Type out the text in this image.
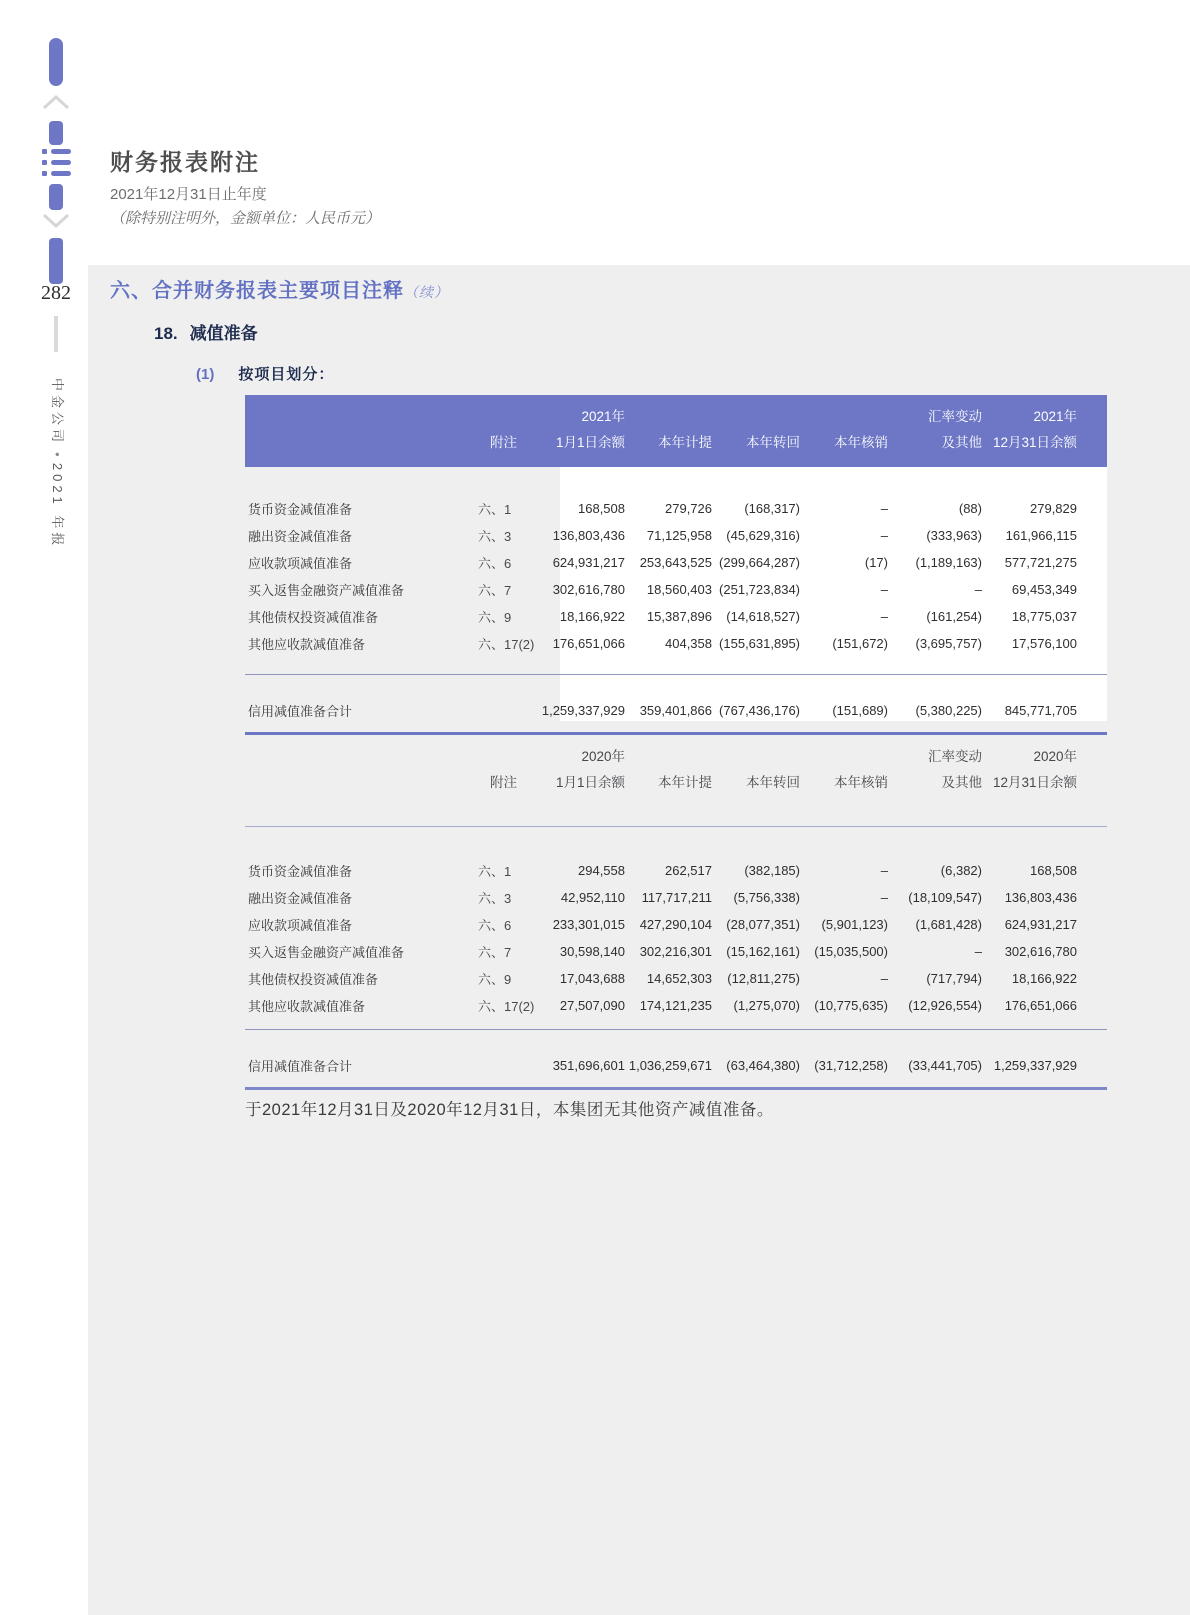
282
中金公司●2021 年报
财务报表附注
2021年12月31日止年度
（除特别注明外，金额单位：人民币元）
六、合并财务报表主要项目注释（续）
18. 减值准备
(1) 按项目划分：
		2021年				汇率变动	2021年
	附注	1月1日余额	本年计提	本年转回	本年核销	及其他	12月31日余额
货币资金减值准备	六、1	168,508	279,726	(168,317)	–	(88)	279,829
融出资金减值准备	六、3	136,803,436	71,125,958	(45,629,316)	–	(333,963)	161,966,115
应收款项减值准备	六、6	624,931,217	253,643,525	(299,664,287)	(17)	(1,189,163)	577,721,275
买入返售金融资产减值准备	六、7	302,616,780	18,560,403	(251,723,834)	–	–	69,453,349
其他债权投资减值准备	六、9	18,166,922	15,387,896	(14,618,527)	–	(161,254)	18,775,037
其他应收款减值准备	六、17(2)	176,651,066	404,358	(155,631,895)	(151,672)	(3,695,757)	17,576,100

信用减值准备合计		1,259,337,929	359,401,866	(767,436,176)	(151,689)	(5,380,225)	845,771,705
		2020年				汇率变动	2020年
	附注	1月1日余额	本年计提	本年转回	本年核销	及其他	12月31日余额
货币资金减值准备	六、1	294,558	262,517	(382,185)	–	(6,382)	168,508
融出资金减值准备	六、3	42,952,110	117,717,211	(5,756,338)	–	(18,109,547)	136,803,436
应收款项减值准备	六、6	233,301,015	427,290,104	(28,077,351)	(5,901,123)	(1,681,428)	624,931,217
买入返售金融资产减值准备	六、7	30,598,140	302,216,301	(15,162,161)	(15,035,500)	–	302,616,780
其他债权投资减值准备	六、9	17,043,688	14,652,303	(12,811,275)	–	(717,794)	18,166,922
其他应收款减值准备	六、17(2)	27,507,090	174,121,235	(1,275,070)	(10,775,635)	(12,926,554)	176,651,066

信用减值准备合计		351,696,601	1,036,259,671	(63,464,380)	(31,712,258)	(33,441,705)	1,259,337,929
于2021年12月31日及2020年12月31日，本集团无其他资产减值准备。
